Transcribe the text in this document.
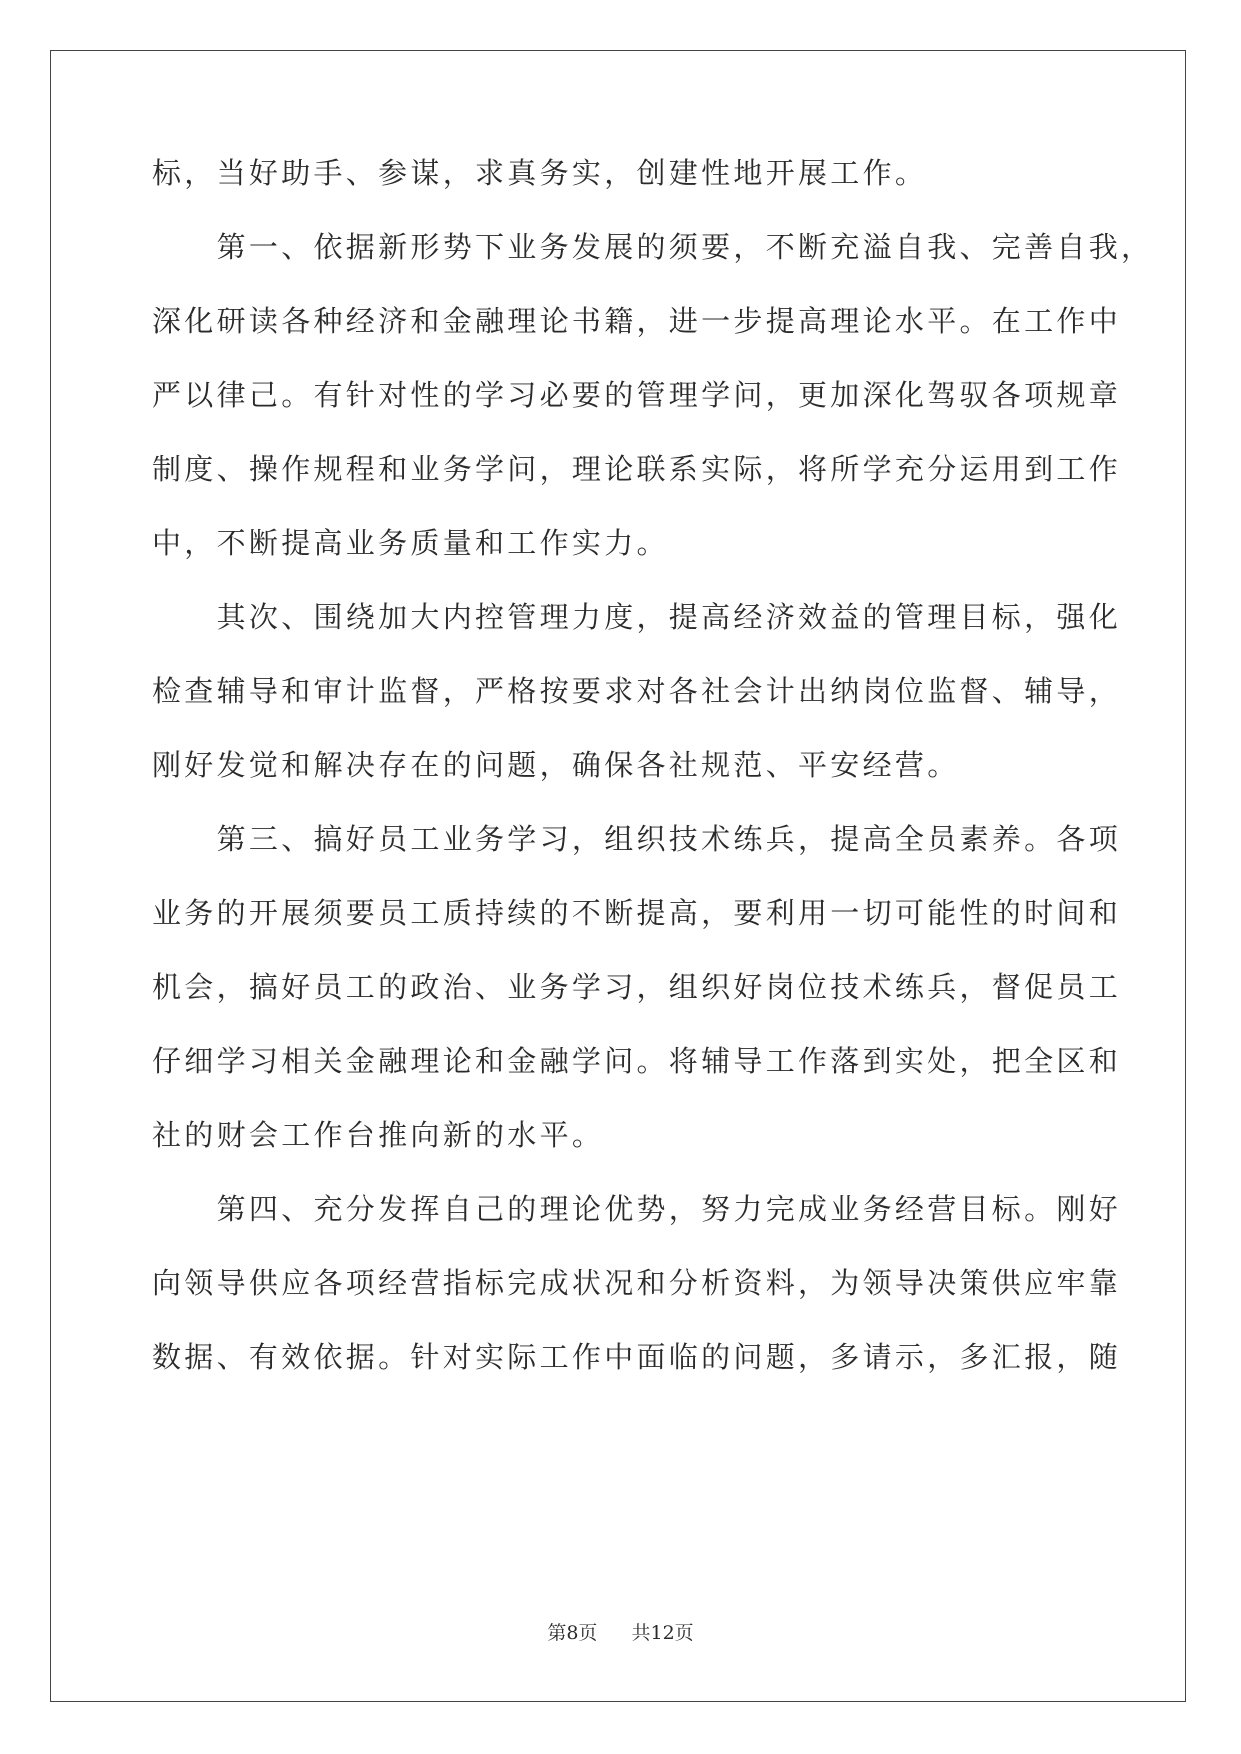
标，当好助手、参谋，求真务实，创建性地开展工作。
　　第一、依据新形势下业务发展的须要，不断充溢自我、完善自我，
深化研读各种经济和金融理论书籍，进一步提高理论水平。在工作中
严以律己。有针对性的学习必要的管理学问，更加深化驾驭各项规章
制度、操作规程和业务学问，理论联系实际，将所学充分运用到工作
中，不断提高业务质量和工作实力。
　　其次、围绕加大内控管理力度，提高经济效益的管理目标，强化
检查辅导和审计监督，严格按要求对各社会计出纳岗位监督、辅导，
刚好发觉和解决存在的问题，确保各社规范、平安经营。
　　第三、搞好员工业务学习，组织技术练兵，提高全员素养。各项
业务的开展须要员工质持续的不断提高，要利用一切可能性的时间和
机会，搞好员工的政治、业务学习，组织好岗位技术练兵，督促员工
仔细学习相关金融理论和金融学问。将辅导工作落到实处，把全区和
社的财会工作台推向新的水平。
　　第四、充分发挥自己的理论优势，努力完成业务经营目标。刚好
向领导供应各项经营指标完成状况和分析资料，为领导决策供应牢靠
数据、有效依据。针对实际工作中面临的问题，多请示，多汇报，随
第8页 共12页
